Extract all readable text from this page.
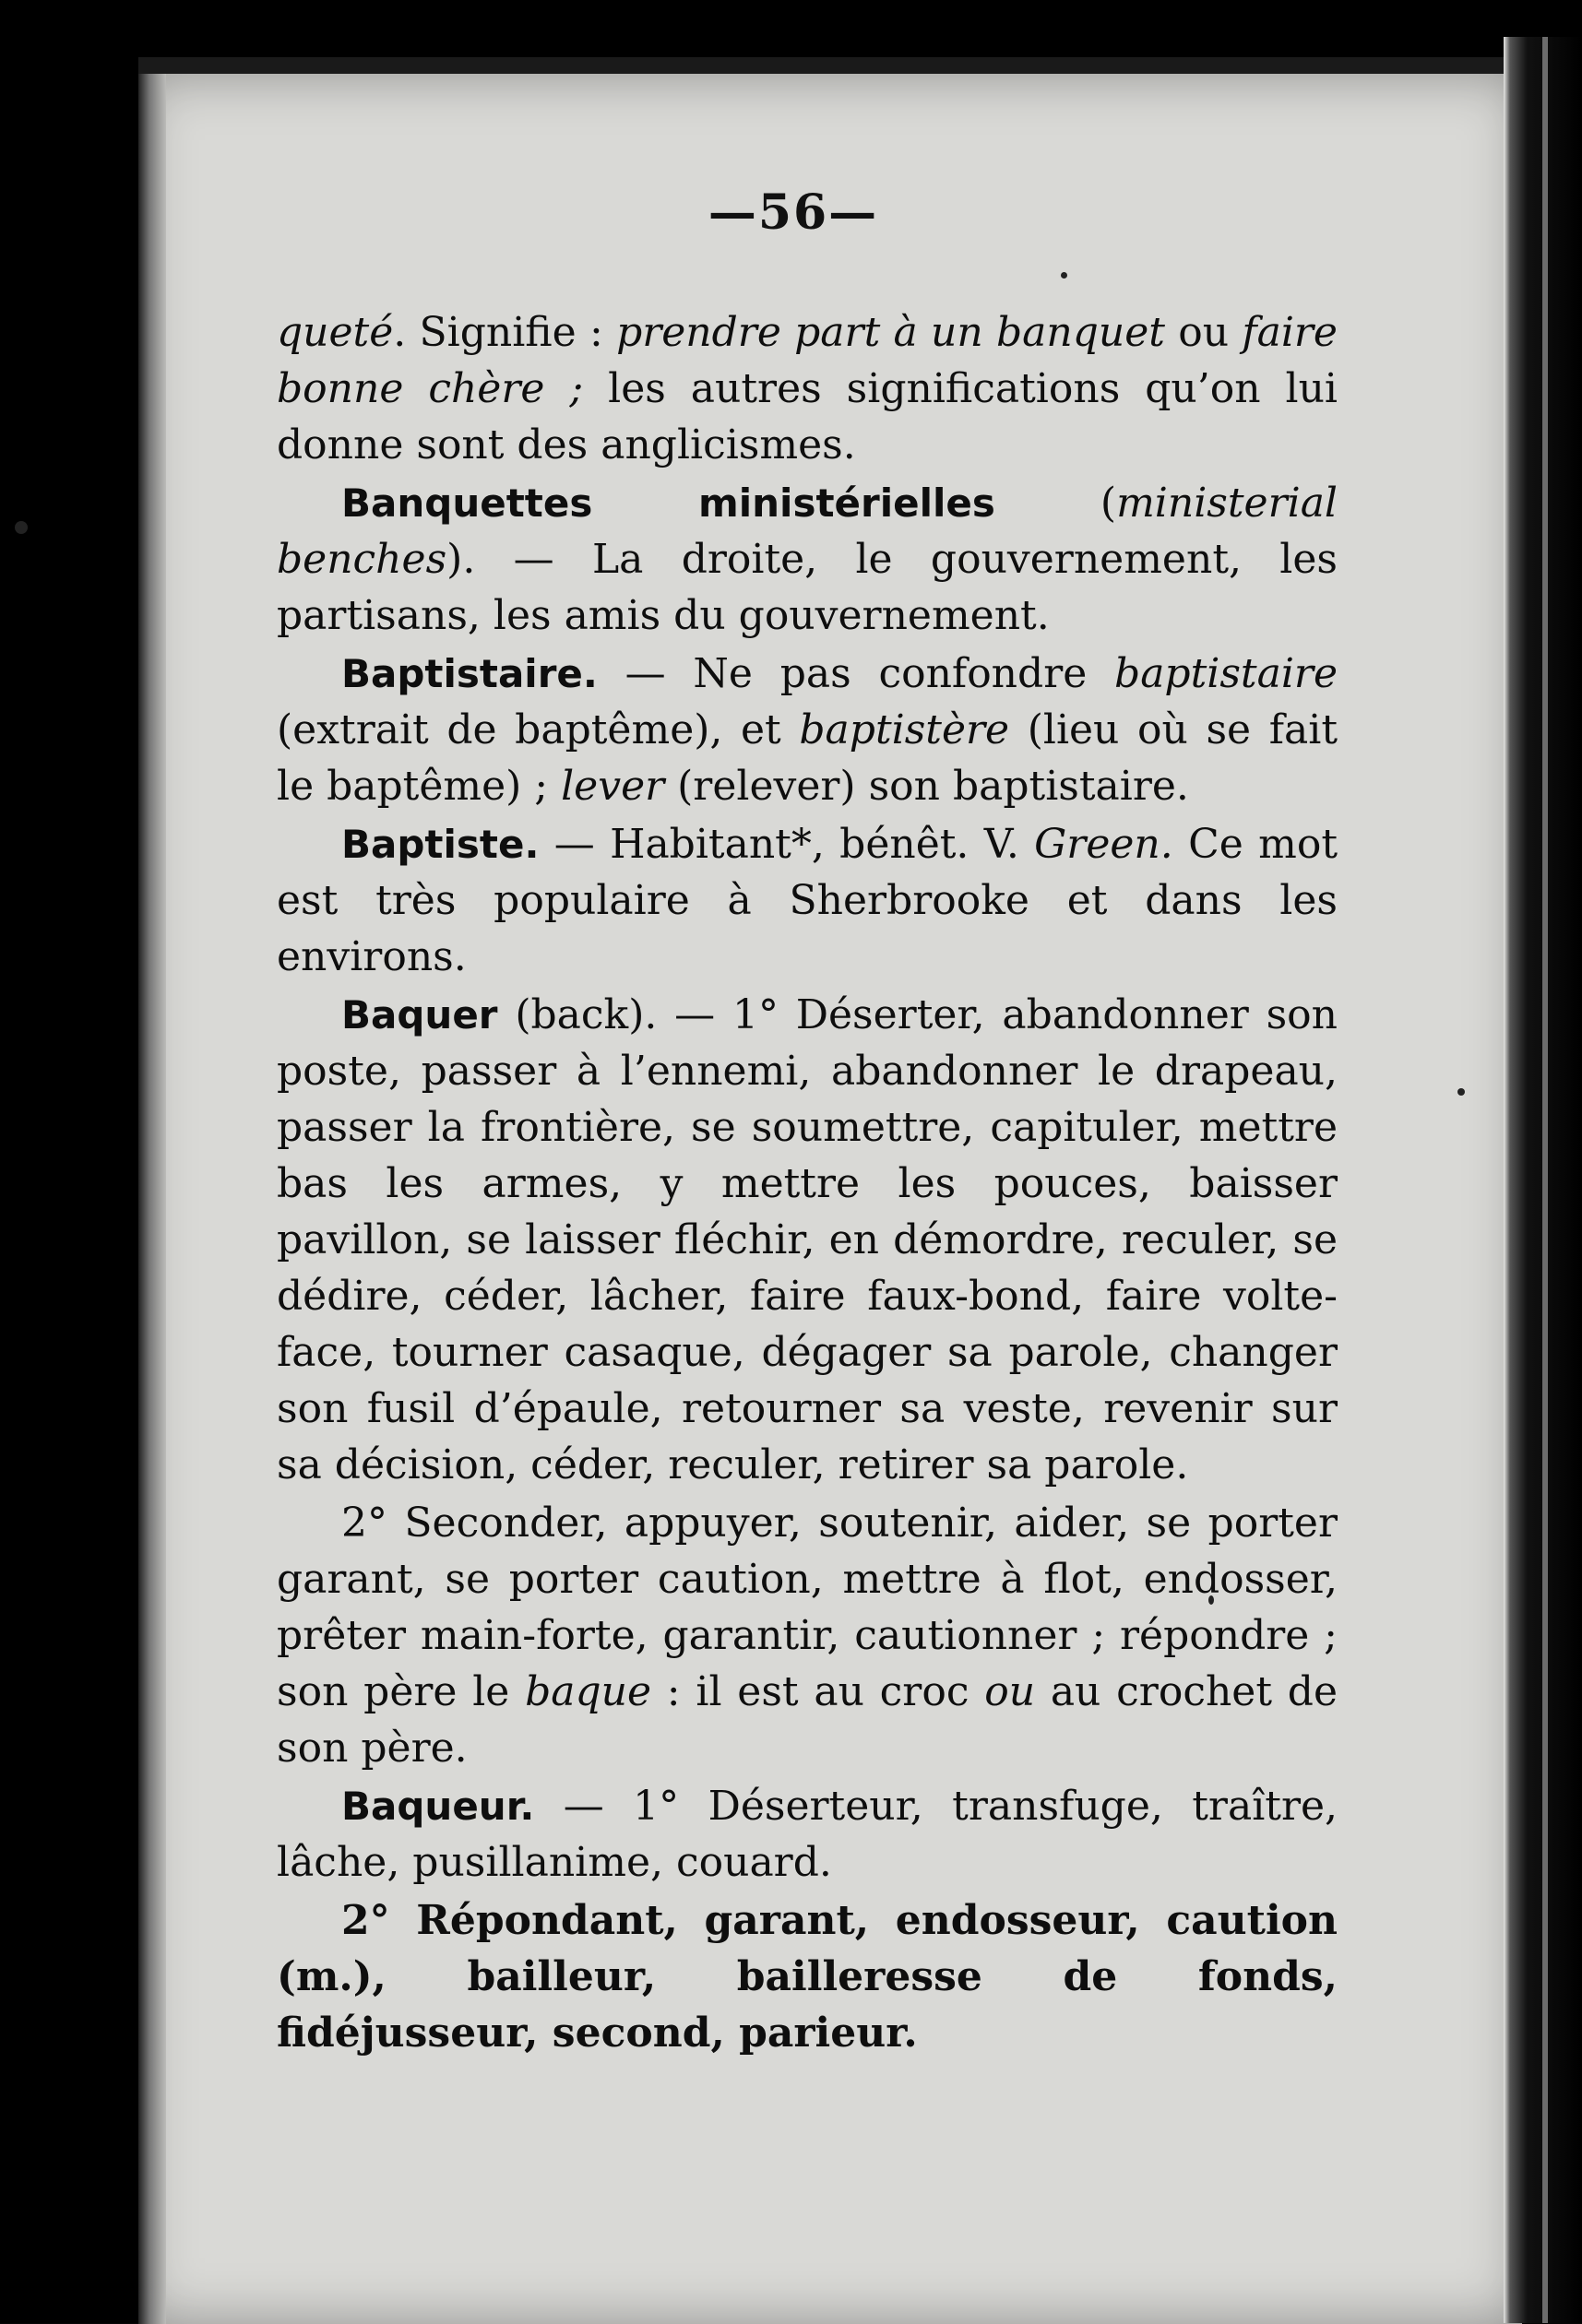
—56—

queté. Signifie : prendre part à un banquet ou faire bonne chère ; les autres significations qu’on lui donne sont des anglicismes.

Banquettes ministérielles (ministerial benches). — La droite, le gouvernement, les partisans, les amis du gouvernement.

Baptistaire. — Ne pas confondre baptistaire (extrait de baptême), et baptistère (lieu où se fait le baptême) ; lever (relever) son baptistaire.

Baptiste. — Habitant*, bénêt. V. Green. Ce mot est très populaire à Sherbrooke et dans les environs.

Baquer (back). — 1° Déserter, abandonner son poste, passer à l’ennemi, abandonner le drapeau, passer la frontière, se soumettre, capituler, mettre bas les armes, y mettre les pouces, baisser pavillon, se laisser fléchir, en démordre, reculer, se dédire, céder, lâcher, faire faux-bond, faire volte-face, tourner casaque, dégager sa parole, changer son fusil d’épaule, retourner sa veste, revenir sur sa décision, céder, reculer, retirer sa parole.

2° Seconder, appuyer, soutenir, aider, se porter garant, se porter caution, mettre à flot, endosser, prêter main-forte, garantir, cautionner ; répondre ; son père le baque : il est au croc ou au crochet de son père.

Baqueur. — 1° Déserteur, transfuge, traître, lâche, pusillanime, couard.

2° Répondant, garant, endosseur, caution (m.), bailleur, bailleresse de fonds, fidéjusseur, second, parieur.
